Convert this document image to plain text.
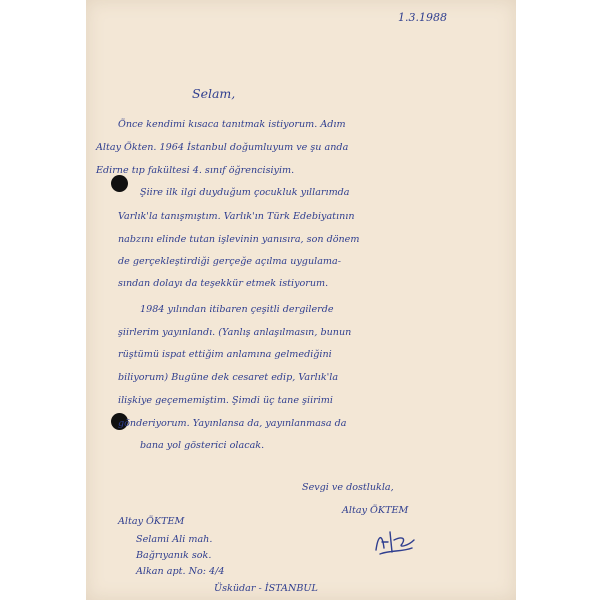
1.3.1988
Selam,
Önce kendimi kısaca tanıtmak istiyorum. Adım
Altay Ökten. 1964 İstanbul doğumluyum ve şu anda
Edirne tıp fakültesi 4. sınıf öğrencisiyim.
Şiire ilk ilgi duyduğum çocukluk yıllarımda
Varlık'la tanışmıştım. Varlık'ın Türk Edebiyatının
nabzını elinde tutan işlevinin yanısıra, son dönem
de gerçekleştirdiği gerçeğe açılma uygulama-
sından dolayı da teşekkür etmek istiyorum.
1984 yılından itibaren çeşitli dergilerde
şiirlerim yayınlandı. (Yanlış anlaşılmasın, bunun
rüştümü ispat ettiğim anlamına gelmediğini
biliyorum) Bugüne dek cesaret edip, Varlık'la
ilişkiye geçememiştim. Şimdi üç tane şiirimi
gönderiyorum. Yayınlansa da, yayınlanmasa da
bana yol gösterici olacak.
Sevgi ve dostlukla,
Altay ÖKTEM
Altay ÖKTEM
Selami Ali mah.
Bağrıyanık sok.
Alkan apt. No: 4/4
Üsküdar - İSTANBUL
